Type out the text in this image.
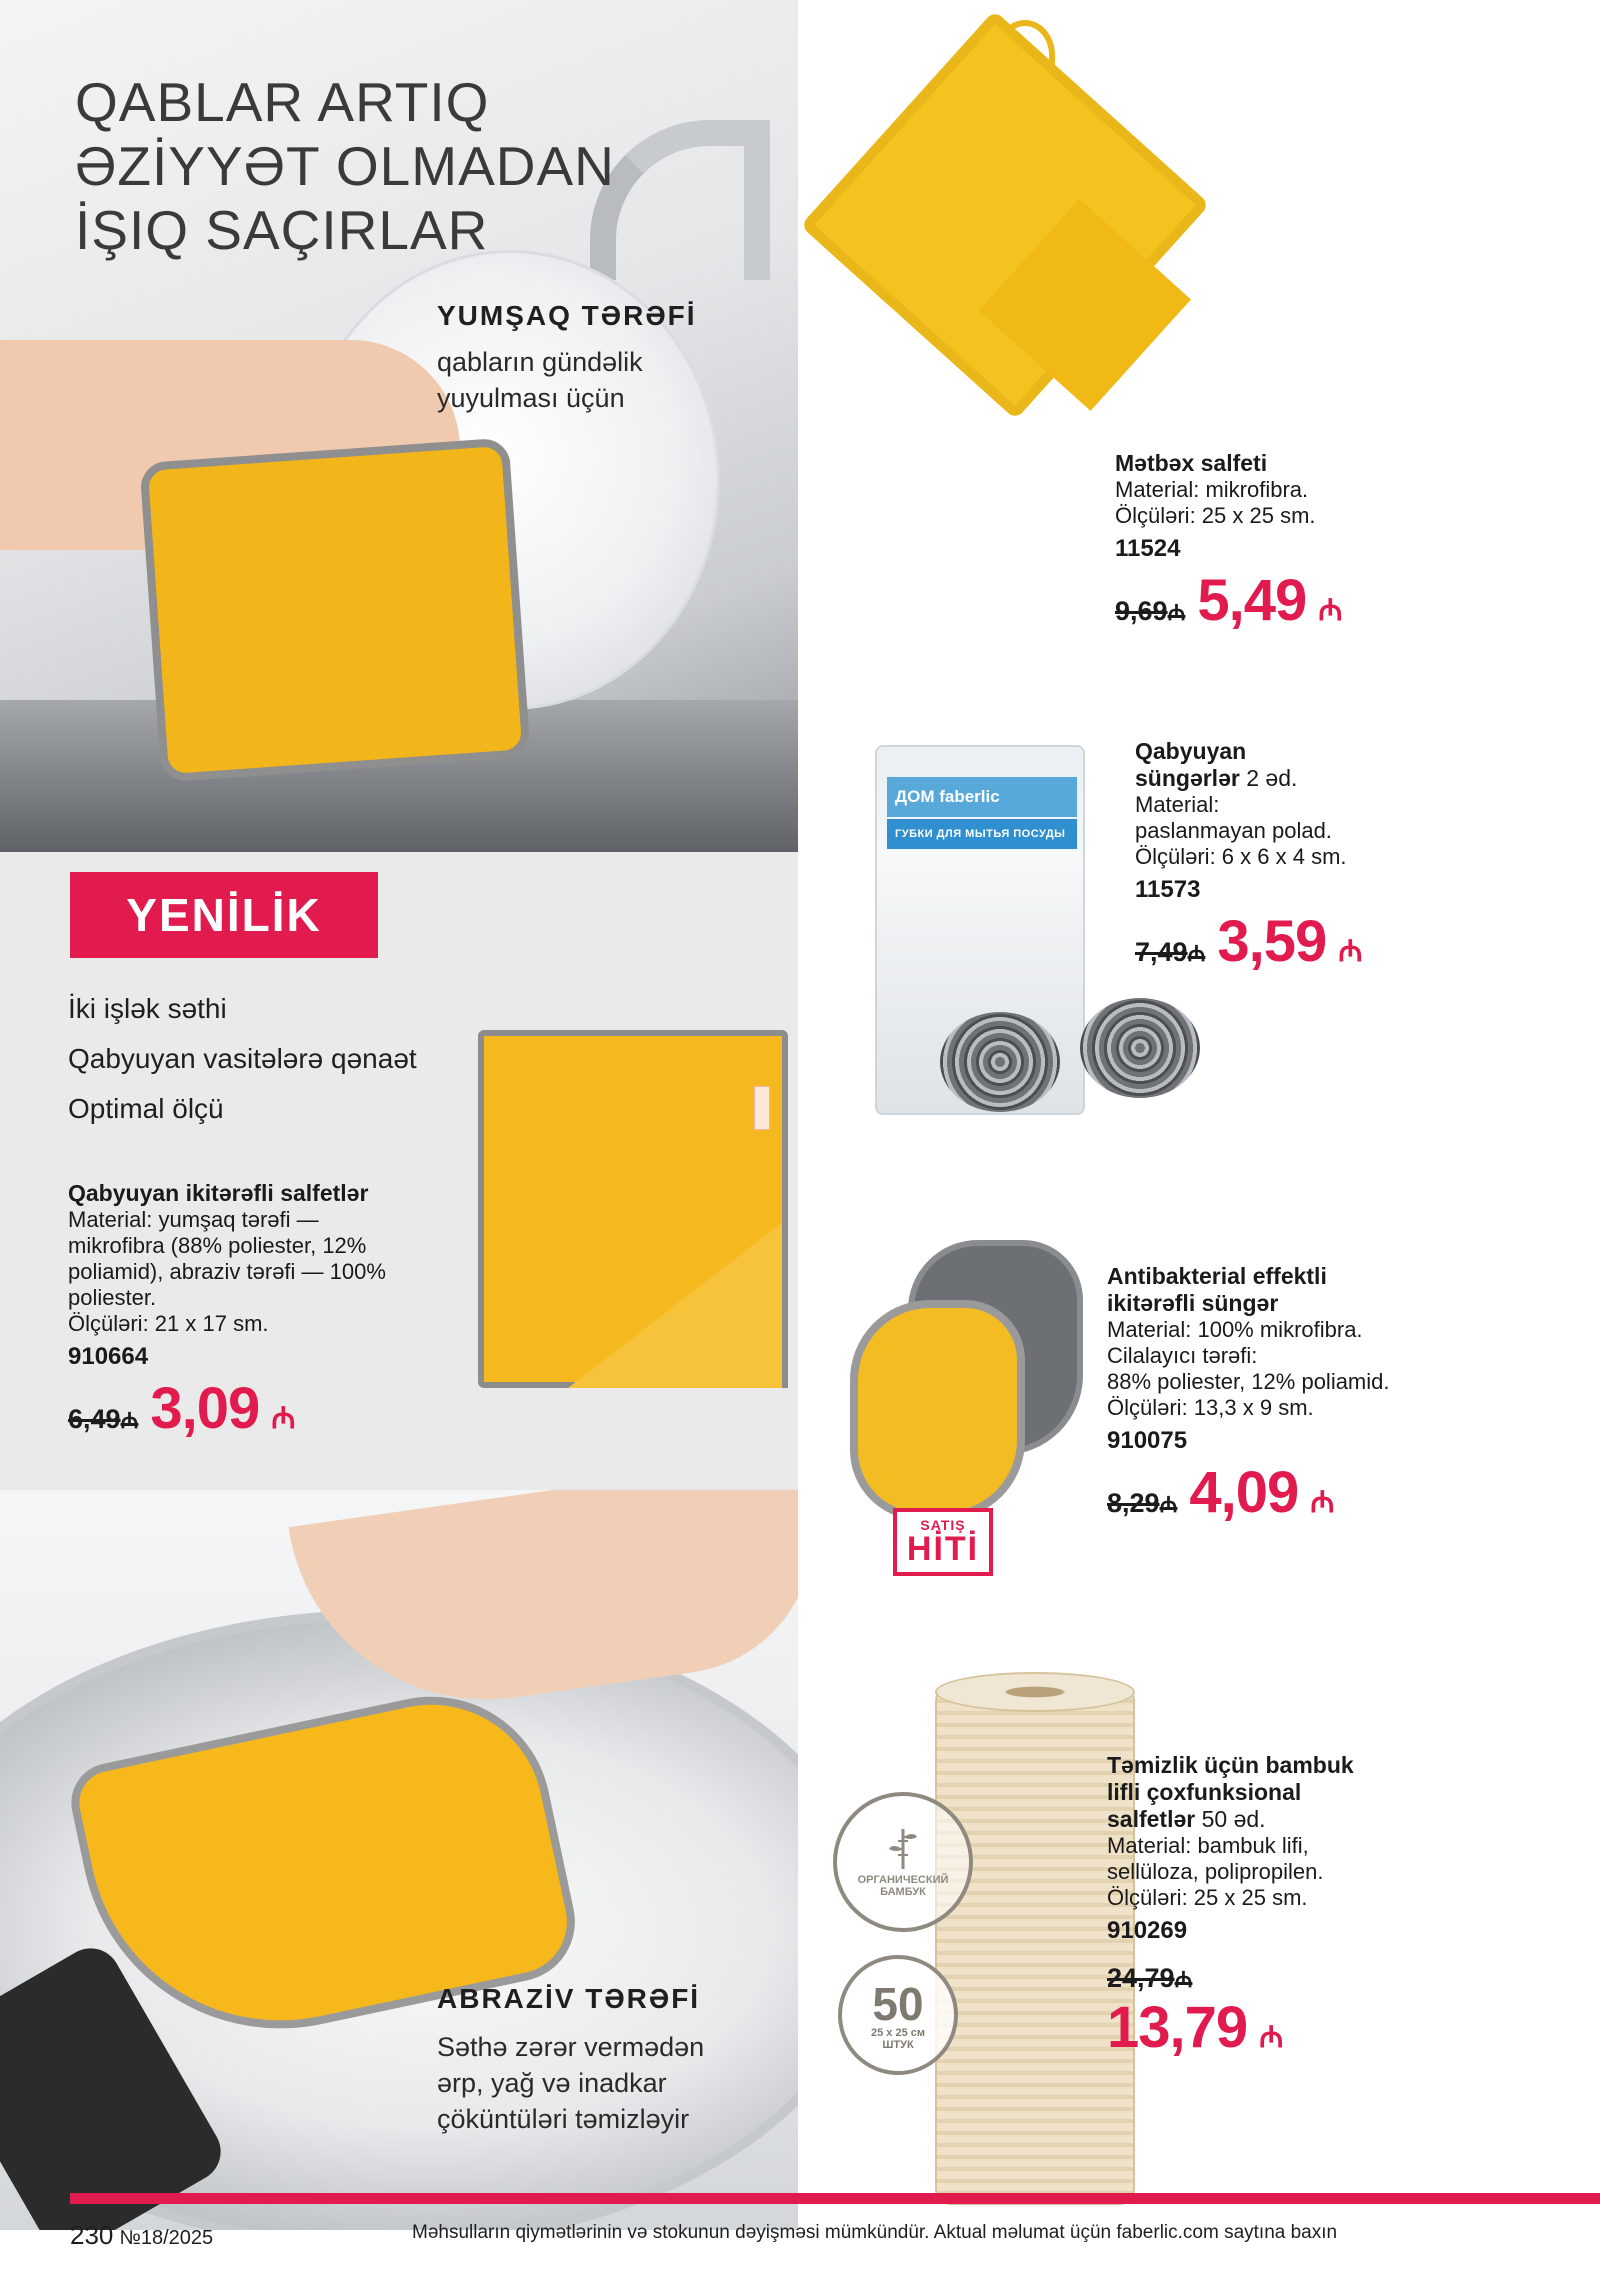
QABLAR ARTIQ
ƏZİYYƏT OLMADAN
İŞIQ SAÇIRLAR
YUMŞAQ TƏRƏFİ
qabların gündəlik
yuyulması üçün
YENİLİK
İki işlək səthi
Qabyuyan vasitələrə qənaət
Optimal ölçü
Qabyuyan ikitərəfli salfetlər
Material: yumşaq tərəfi —
mikrofibra (88% poliester, 12%
poliamid), abraziv tərəfi — 100%
poliester.
Ölçüləri: 21 x 17 sm.
910664
6,49₼ 3,09 ₼
ABRAZİV TƏRƏFİ
Səthə zərər vermədən
ərp, yağ və inadkar
çöküntüləri təmizləyir
Mətbəx salfeti
Material: mikrofibra.
Ölçüləri: 25 x 25 sm.
11524
9,69₼ 5,49 ₼
ДОМ faberlic
ГУБКИ ДЛЯ МЫТЬЯ ПОСУДЫ
Qabyuyan
süngərlər 2 əd.
Material:
paslanmayan polad.
Ölçüləri: 6 x 6 x 4 sm.
11573
7,49₼ 3,59 ₼
SATIŞ
HİTİ
Antibakterial effektli
ikitərəfli süngər
Material: 100% mikrofibra.
Cilalayıcı tərəfi:
88% poliester, 12% poliamid.
Ölçüləri: 13,3 x 9 sm.
910075
8,29₼ 4,09 ₼
ОРГАНИЧЕСКИЙ БАМБУК
50
25 x 25 см
ШТУК
Təmizlik üçün bambuk
lifli çoxfunksional
salfetlər 50 əd.
Material: bambuk lifi,
sellüloza, polipropilen.
Ölçüləri: 25 x 25 sm.
910269
24,79₼
13,79 ₼
230 №18/2025	Məhsulların qiymətlərinin və stokunun dəyişməsi mümkündür. Aktual məlumat üçün faberlic.com saytına baxın
